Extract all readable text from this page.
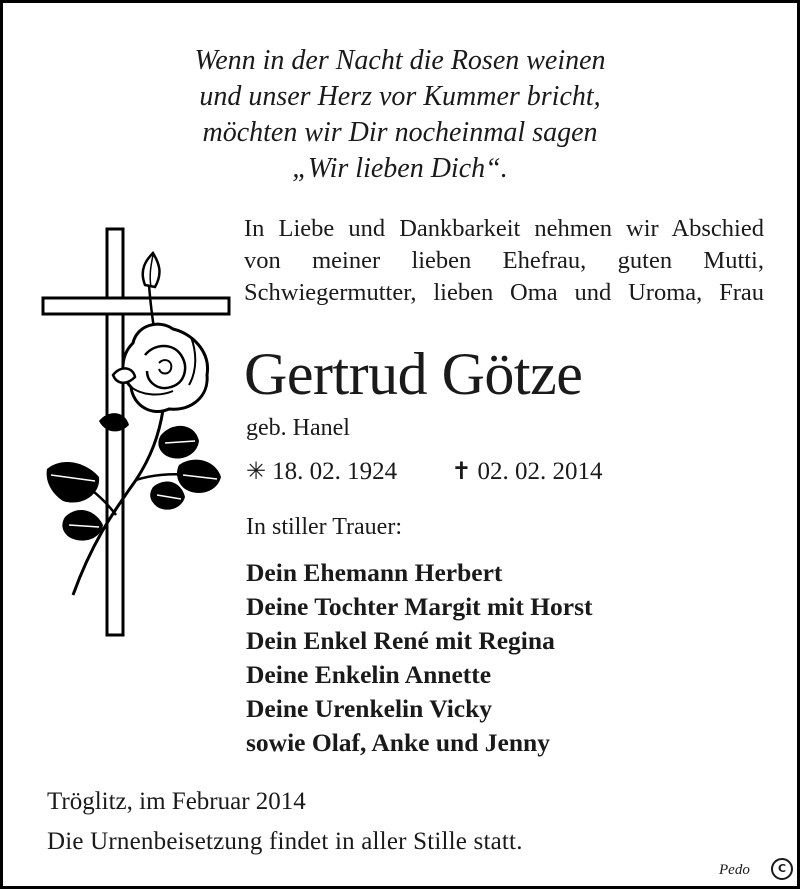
Wenn in der Nacht die Rosen weinen
und unser Herz vor Kummer bricht,
möchten wir Dir nocheinmal sagen
„Wir lieben Dich“.
In Liebe und Dankbarkeit nehmen wir Abschied
von meiner lieben Ehefrau, guten Mutti,
Schwiegermutter, lieben Oma und Uroma, Frau
Gertrud Götze
geb. Hanel
✳ 18. 02. 1924 ✝ 02. 02. 2014
In stiller Trauer:
Dein Ehemann Herbert
Deine Tochter Margit mit Horst
Dein Enkel René mit Regina
Deine Enkelin Annette
Deine Urenkelin Vicky
sowie Olaf, Anke und Jenny
Tröglitz, im Februar 2014
Die Urnenbeisetzung findet in aller Stille statt.
Pedo	C
